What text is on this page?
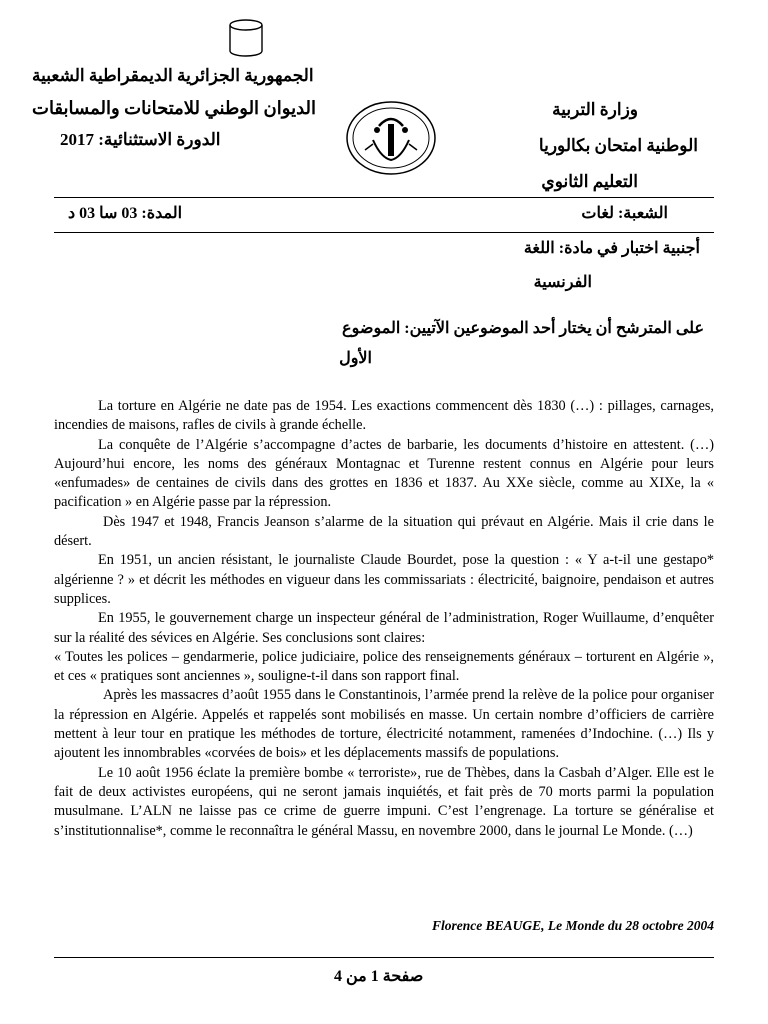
الجمهورية الجزائرية الديمقراطية الشعبية
الديوان الوطني للامتحانات والمسابقات
الدورة الاستثنائية: 2017
وزارة التربية
الوطنية امتحان بكالوريا
التعليم الثانوي
المدة: 03 سا 03 د	الشعبة: لغات
أجنبية اختبار في مادة: اللغة
الفرنسية
على المترشح أن يختار أحد الموضوعين الآتيين: الموضوع
الأول

La torture en Algérie ne date pas de 1954. Les exactions commencent dès 1830 (…) : pillages, carnages, incendies de maisons, rafles de civils à grande échelle.

La conquête de l’Algérie s’accompagne d’actes de barbarie, les documents d’histoire en attestent. (…) Aujourd’hui encore, les noms des généraux Montagnac et Turenne restent connus en Algérie pour leurs «enfumades» de centaines de civils dans des grottes en 1836 et 1837. Au XXe siècle, comme au XIXe, la « pacification » en Algérie passe par la répression.

Dès 1947 et 1948, Francis Jeanson s’alarme de la situation qui prévaut en Algérie. Mais il crie dans le désert.

En 1951, un ancien résistant, le journaliste Claude Bourdet, pose la question : « Y a-t-il une gestapo* algérienne ? » et décrit les méthodes en vigueur dans les commissariats : électricité, baignoire, pendaison et autres supplices.

En 1955, le gouvernement charge un inspecteur général de l’administration, Roger Wuillaume, d’enquêter sur la réalité des sévices en Algérie. Ses conclusions sont claires:

« Toutes les polices – gendarmerie, police judiciaire, police des renseignements généraux – torturent en Algérie », et ces « pratiques sont anciennes », souligne-t-il dans son rapport final.

Après les massacres d’août 1955 dans le Constantinois, l’armée prend la relève de la police pour organiser la répression en Algérie. Appelés et rappelés sont mobilisés en masse. Un certain nombre d’officiers de carrière mettent à leur tour en pratique les méthodes de torture, électricité notamment, ramenées d’Indochine. (…) Ils y ajoutent les innombrables «corvées de bois» et les déplacements massifs de populations.

Le 10 août 1956 éclate la première bombe « terroriste», rue de Thèbes, dans la Casbah d’Alger. Elle est le fait de deux activistes européens, qui ne seront jamais inquiétés, et fait près de 70 morts parmi la population musulmane. L’ALN ne laisse pas ce crime de guerre impuni. C’est l’engrenage. La torture se généralise et s’institutionnalise*, comme le reconnaîtra le général Massu, en novembre 2000, dans le journal Le Monde. (…)

Florence BEAUGE, Le Monde du 28 octobre 2004
صفحة 1 من 4
